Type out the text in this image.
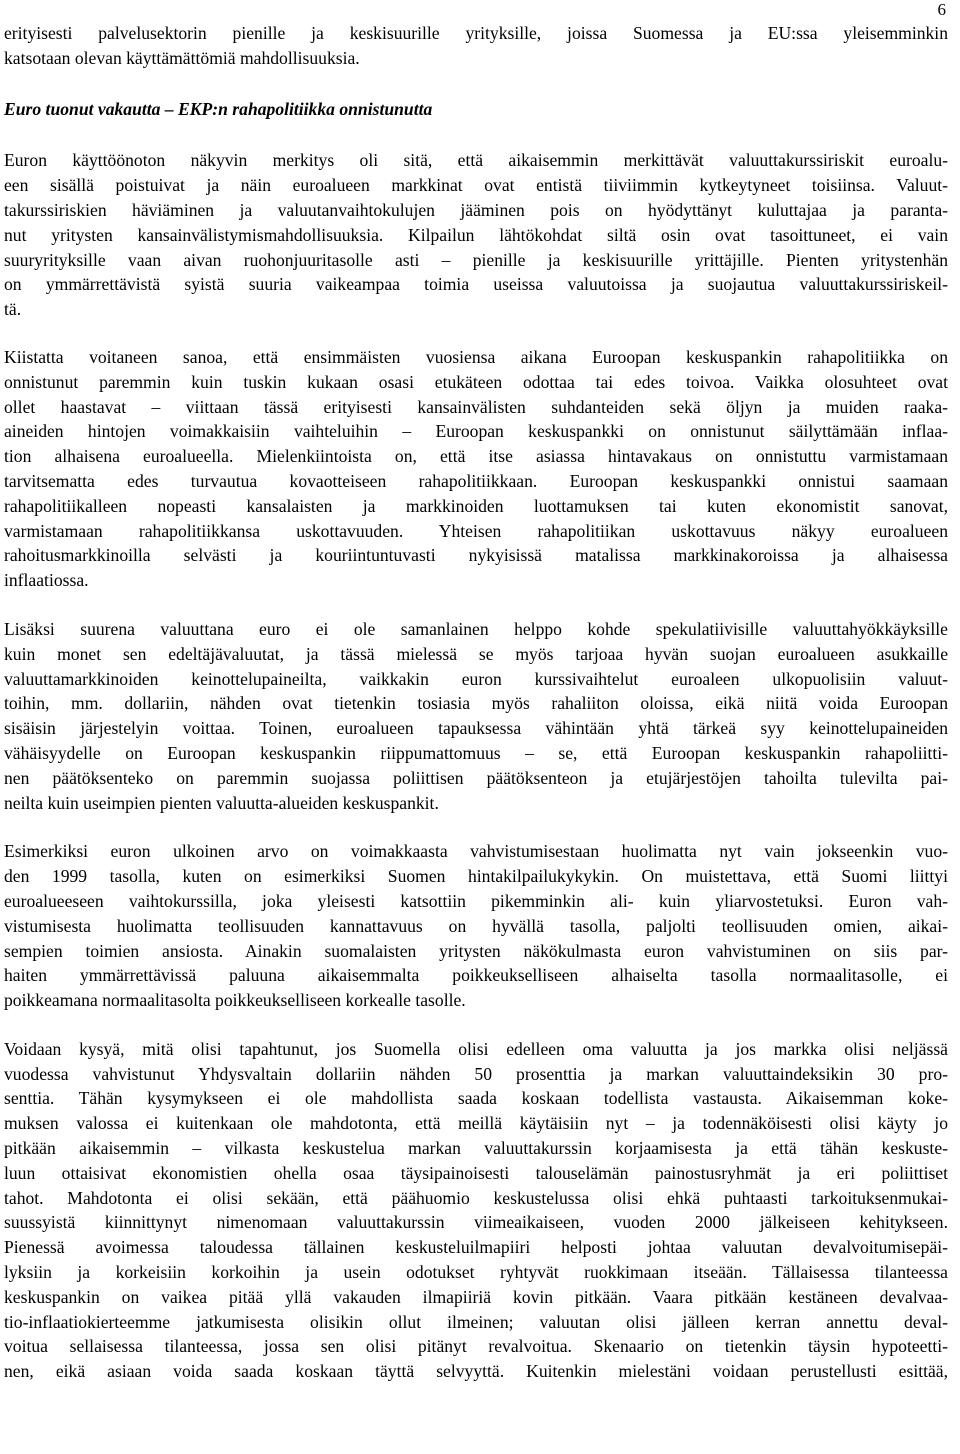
6
erityisesti palvelusektorin pienille ja keskisuurille yrityksille, joissa Suomessa ja EU:ssa yleisemminkin
katsotaan olevan käyttämättömiä mahdollisuuksia.
Euro tuonut vakautta – EKP:n rahapolitiikka onnistunutta
Euron käyttöönoton näkyvin merkitys oli sitä, että aikaisemmin merkittävät valuuttakurssiriskit euroalu-
een sisällä poistuivat ja näin euroalueen markkinat ovat entistä tiiviimmin kytkeytyneet toisiinsa. Valuut-
takurssiriskien häviäminen ja valuutanvaihtokulujen jääminen pois on hyödyttänyt kuluttajaa ja paranta-
nut yritysten kansainvälistymismahdollisuuksia. Kilpailun lähtökohdat siltä osin ovat tasoittuneet, ei vain
suuryrityksille vaan aivan ruohonjuuritasolle asti – pienille ja keskisuurille yrittäjille. Pienten yritystenhän
on ymmärrettävistä syistä suuria vaikeampaa toimia useissa valuutoissa ja suojautua valuuttakurssiriskeil-
tä.
Kiistatta voitaneen sanoa, että ensimmäisten vuosiensa aikana Euroopan keskuspankin rahapolitiikka on
onnistunut paremmin kuin tuskin kukaan osasi etukäteen odottaa tai edes toivoa. Vaikka olosuhteet ovat
ollet haastavat – viittaan tässä erityisesti kansainvälisten suhdanteiden sekä öljyn ja muiden raaka-
aineiden hintojen voimakkaisiin vaihteluihin – Euroopan keskuspankki on onnistunut säilyttämään inflaa-
tion alhaisena euroalueella. Mielenkiintoista on, että itse asiassa hintavakaus on onnistuttu varmistamaan
tarvitsematta edes turvautua kovaotteiseen rahapolitiikkaan. Euroopan keskuspankki onnistui saamaan
rahapolitiikalleen nopeasti kansalaisten ja markkinoiden luottamuksen tai kuten ekonomistit sanovat,
varmistamaan rahapolitiikkansa uskottavuuden. Yhteisen rahapolitiikan uskottavuus näkyy euroalueen
rahoitusmarkkinoilla selvästi ja kouriintuntuvasti nykyisissä matalissa markkinakoroissa ja alhaisessa
inflaatiossa.
Lisäksi suurena valuuttana euro ei ole samanlainen helppo kohde spekulatiivisille valuuttahyökkäyksille
kuin monet sen edeltäjävaluutat, ja tässä mielessä se myös tarjoaa hyvän suojan euroalueen asukkaille
valuuttamarkkinoiden keinottelupaineilta, vaikkakin euron kurssivaihtelut euroaleen ulkopuolisiin valuut-
toihin, mm. dollariin, nähden ovat tietenkin tosiasia myös rahaliiton oloissa, eikä niitä voida Euroopan
sisäisin järjestelyin voittaa. Toinen, euroalueen tapauksessa vähintään yhtä tärkeä syy keinottelupaineiden
vähäisyydelle on Euroopan keskuspankin riippumattomuus – se, että Euroopan keskuspankin rahapoliitti-
nen päätöksenteko on paremmin suojassa poliittisen päätöksenteon ja etujärjestöjen tahoilta tulevilta pai-
neilta kuin useimpien pienten valuutta-alueiden keskuspankit.
Esimerkiksi euron ulkoinen arvo on voimakkaasta vahvistumisestaan huolimatta nyt vain jokseenkin vuo-
den 1999 tasolla, kuten on esimerkiksi Suomen hintakilpailukykykin. On muistettava, että Suomi liittyi
euroalueeseen vaihtokurssilla, joka yleisesti katsottiin pikemminkin ali- kuin yliarvostetuksi. Euron vah-
vistumisesta huolimatta teollisuuden kannattavuus on hyvällä tasolla, paljolti teollisuuden omien, aikai-
sempien toimien ansiosta. Ainakin suomalaisten yritysten näkökulmasta euron vahvistuminen on siis par-
haiten ymmärrettävissä paluuna aikaisemmalta poikkeukselliseen alhaiselta tasolla normaalitasolle, ei
poikkeamana normaalitasolta poikkeukselliseen korkealle tasolle.
Voidaan kysyä, mitä olisi tapahtunut, jos Suomella olisi edelleen oma valuutta ja jos markka olisi neljässä
vuodessa vahvistunut Yhdysvaltain dollariin nähden 50 prosenttia ja markan valuuttaindeksikin 30 pro-
senttia. Tähän kysymykseen ei ole mahdollista saada koskaan todellista vastausta. Aikaisemman koke-
muksen valossa ei kuitenkaan ole mahdotonta, että meillä käytäisiin nyt – ja todennäköisesti olisi käyty jo
pitkään aikaisemmin – vilkasta keskustelua markan valuuttakurssin korjaamisesta ja että tähän keskuste-
luun ottaisivat ekonomistien ohella osaa täysipainoisesti talouselämän painostusryhmät ja eri poliittiset
tahot. Mahdotonta ei olisi sekään, että päähuomio keskustelussa olisi ehkä puhtaasti tarkoituksenmukai-
suussyistä kiinnittynyt nimenomaan valuuttakurssin viimeaikaiseen, vuoden 2000 jälkeiseen kehitykseen.
Pienessä avoimessa taloudessa tällainen keskusteluilmapiiri helposti johtaa valuutan devalvoitumisepäi-
lyksiin ja korkeisiin korkoihin ja usein odotukset ryhtyvät ruokkimaan itseään. Tällaisessa tilanteessa
keskuspankin on vaikea pitää yllä vakauden ilmapiiriä kovin pitkään. Vaara pitkään kestäneen devalvaa-
tio-inflaatiokierteemme jatkumisesta olisikin ollut ilmeinen; valuutan olisi jälleen kerran annettu deval-
voitua sellaisessa tilanteessa, jossa sen olisi pitänyt revalvoitua. Skenaario on tietenkin täysin hypoteetti-
nen, eikä asiaan voida saada koskaan täyttä selvyyttä. Kuitenkin mielestäni voidaan perustellusti esittää,
